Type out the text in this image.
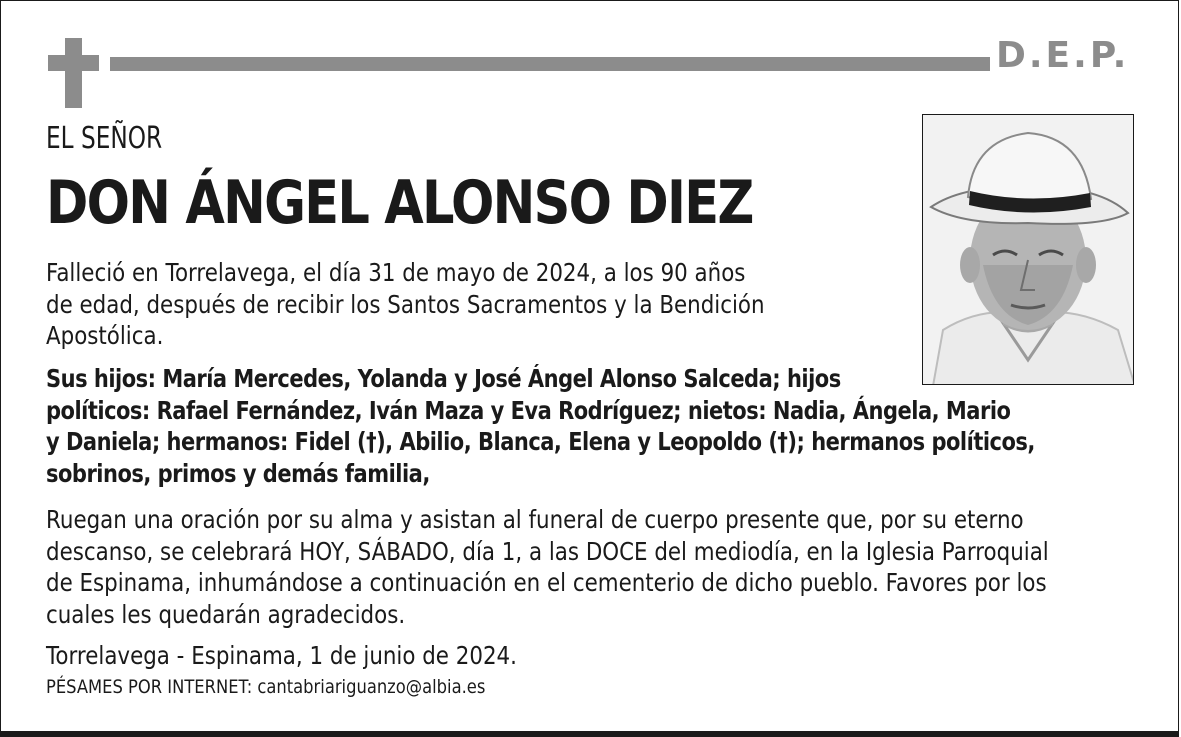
D.E.P.
EL SEÑOR
DON ÁNGEL ALONSO DIEZ
Falleció en Torrelavega, el día 31 de mayo de 2024, a los 90 años
de edad, después de recibir los Santos Sacramentos y la Bendición
Apostólica.
Sus hijos: María Mercedes, Yolanda y José Ángel Alonso Salceda; hijos
políticos: Rafael Fernández, Iván Maza y Eva Rodríguez; nietos: Nadia, Ángela, Mario
y Daniela; hermanos: Fidel (†), Abilio, Blanca, Elena y Leopoldo (†); hermanos políticos,
sobrinos, primos y demás familia,
Ruegan una oración por su alma y asistan al funeral de cuerpo presente que, por su eterno
descanso, se celebrará HOY, SÁBADO, día 1, a las DOCE del mediodía, en la Iglesia Parroquial
de Espinama, inhumándose a continuación en el cementerio de dicho pueblo. Favores por los
cuales les quedarán agradecidos.
Torrelavega - Espinama, 1 de junio de 2024.
PÉSAMES POR INTERNET: cantabriariguanzo@albia.es
